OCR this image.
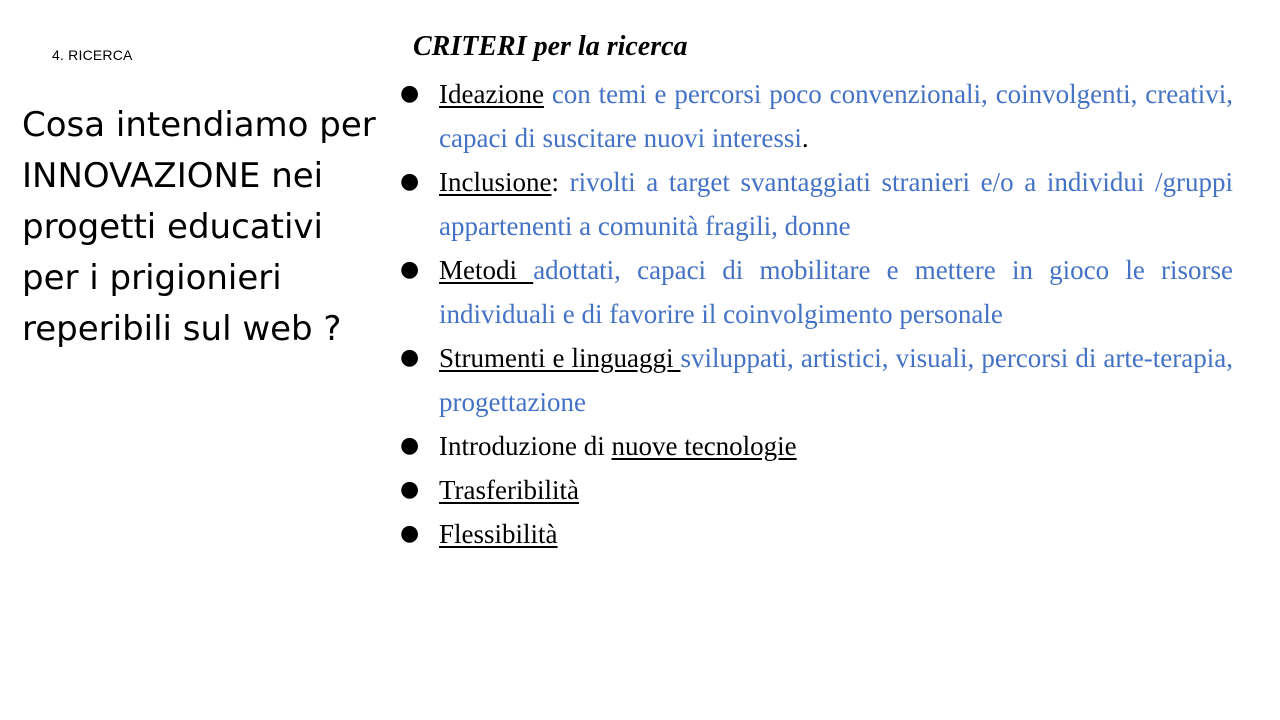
4. RICERCA
Cosa intendiamo per INNOVAZIONE nei progetti educativi per i prigionieri reperibili sul web ?
CRITERI per la ricerca
● Ideazione con temi e percorsi poco convenzionali, coinvolgenti, creativi, capaci di suscitare nuovi interessi.
● Inclusione: rivolti a target svantaggiati stranieri e/o a individui /gruppi appartenenti a comunità fragili, donne
● Metodi adottati, capaci di mobilitare e mettere in gioco le risorse individuali e di favorire il coinvolgimento personale
● Strumenti e linguaggi sviluppati, artistici, visuali, percorsi di arte-terapia, progettazione
● Introduzione di nuove tecnologie
● Trasferibilità
● Flessibilità
